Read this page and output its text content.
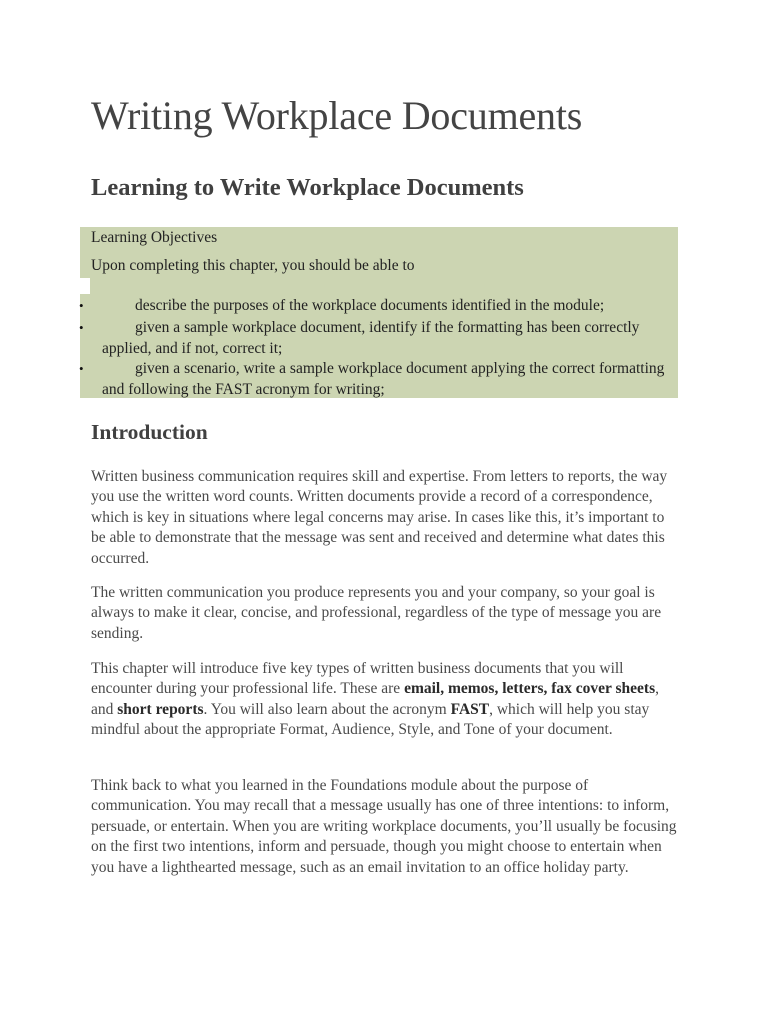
Writing Workplace Documents
Learning to Write Workplace Documents
Learning Objectives
Upon completing this chapter, you should be able to
•	describe the purposes of the workplace documents identified in the module;
•	given a sample workplace document, identify if the formatting has been correctly applied, and if not, correct it;
•	given a scenario, write a sample workplace document applying the correct formatting and following the FAST acronym for writing;
Introduction

Written business communication requires skill and expertise. From letters to reports, the way you use the written word counts. Written documents provide a record of a correspondence, which is key in situations where legal concerns may arise. In cases like this, it’s important to be able to demonstrate that the message was sent and received and determine what dates this occurred.

The written communication you produce represents you and your company, so your goal is always to make it clear, concise, and professional, regardless of the type of message you are sending.

This chapter will introduce five key types of written business documents that you will encounter during your professional life. These are email, memos, letters, fax cover sheets, and short reports. You will also learn about the acronym FAST, which will help you stay mindful about the appropriate Format, Audience, Style, and Tone of your document.

Think back to what you learned in the Foundations module about the purpose of communication. You may recall that a message usually has one of three intentions: to inform, persuade, or entertain. When you are writing workplace documents, you’ll usually be focusing on the first two intentions, inform and persuade, though you might choose to entertain when you have a lighthearted message, such as an email invitation to an office holiday party.
